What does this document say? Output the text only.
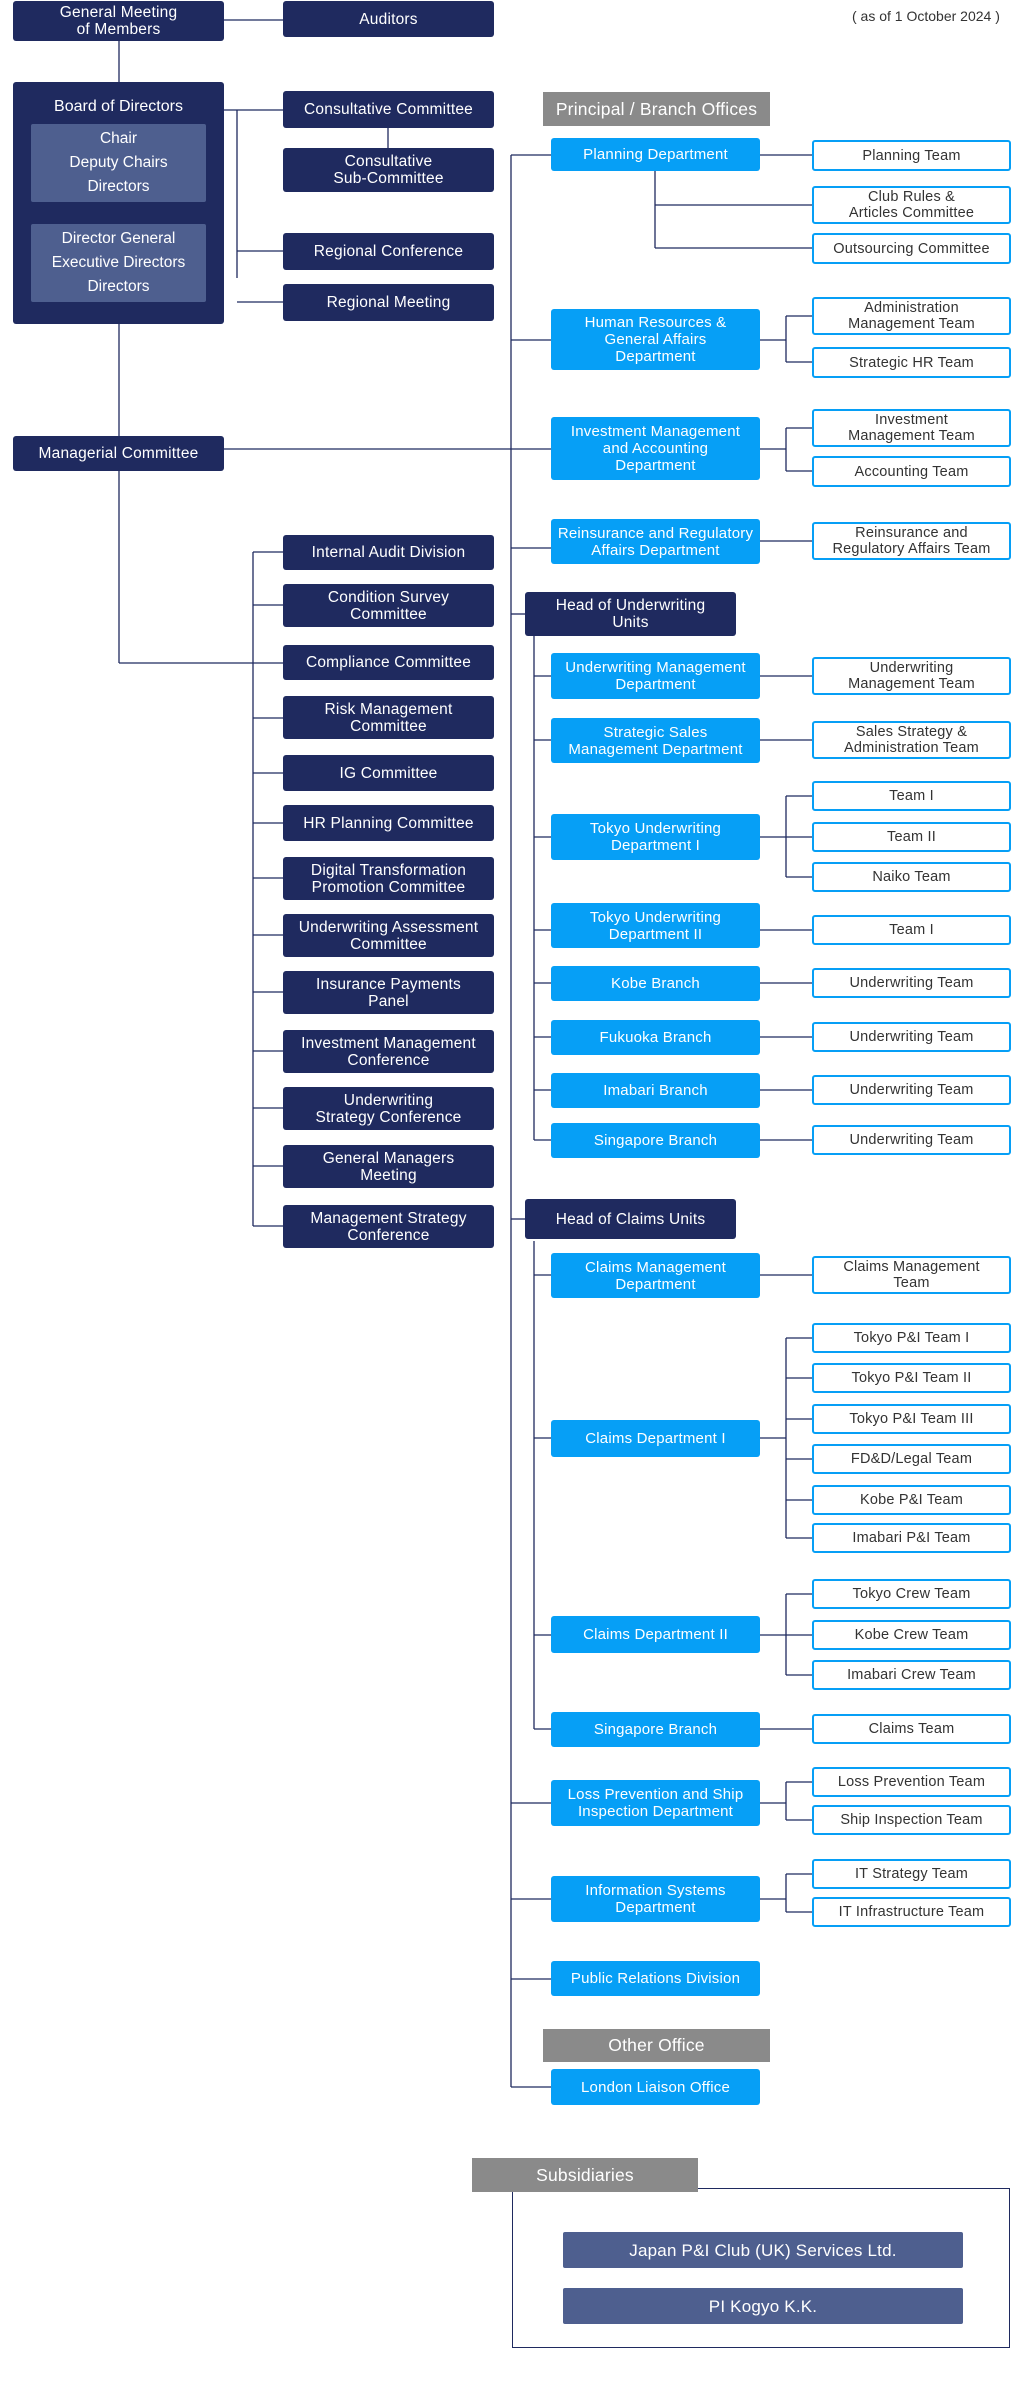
( as of 1 October 2024 )
General Meeting
of Members
Auditors
Board of Directors
Chair
Deputy Chairs
Directors
Director General
Executive Directors
Directors
Consultative Committee
Consultative
Sub-Committee
Regional Conference
Regional Meeting
Managerial Committee
Internal Audit Division
Condition Survey
Committee
Compliance Committee
Risk Management
Committee
IG Committee
HR Planning Committee
Digital Transformation
Promotion Committee
Underwriting Assessment
Committee
Insurance Payments
Panel
Investment Management
Conference
Underwriting
Strategy Conference
General Managers
Meeting
Management Strategy
Conference
Principal / Branch Offices
Planning Department
Human Resources &
General Affairs
Department
Investment Management
and Accounting
Department
Reinsurance and Regulatory
Affairs Department
Head of Underwriting
Units
Underwriting Management
Department
Strategic Sales
Management Department
Tokyo Underwriting
Department I
Tokyo Underwriting
Department II
Kobe Branch
Fukuoka Branch
Imabari Branch
Singapore Branch
Head of Claims Units
Claims Management
Department
Claims Department I
Claims Department II
Singapore Branch
Loss Prevention and Ship
Inspection Department
Information Systems
Department
Public Relations Division
Other Office
London Liaison Office
Planning Team
Club Rules &
Articles Committee
Outsourcing Committee
Administration
Management Team
Strategic HR Team
Investment
Management Team
Accounting Team
Reinsurance and
Regulatory Affairs Team
Underwriting
Management Team
Sales Strategy &
Administration Team
Team I
Team II
Naiko Team
Team I
Underwriting Team
Underwriting Team
Underwriting Team
Underwriting Team
Claims Management
Team
Tokyo P&I Team I
Tokyo P&I Team II
Tokyo P&I Team III
FD&D/Legal Team
Kobe P&I Team
Imabari P&I Team
Tokyo Crew Team
Kobe Crew Team
Imabari Crew Team
Claims Team
Loss Prevention Team
Ship Inspection Team
IT Strategy Team
IT Infrastructure Team
Subsidiaries
Japan P&I Club (UK) Services Ltd.
PI Kogyo K.K.
